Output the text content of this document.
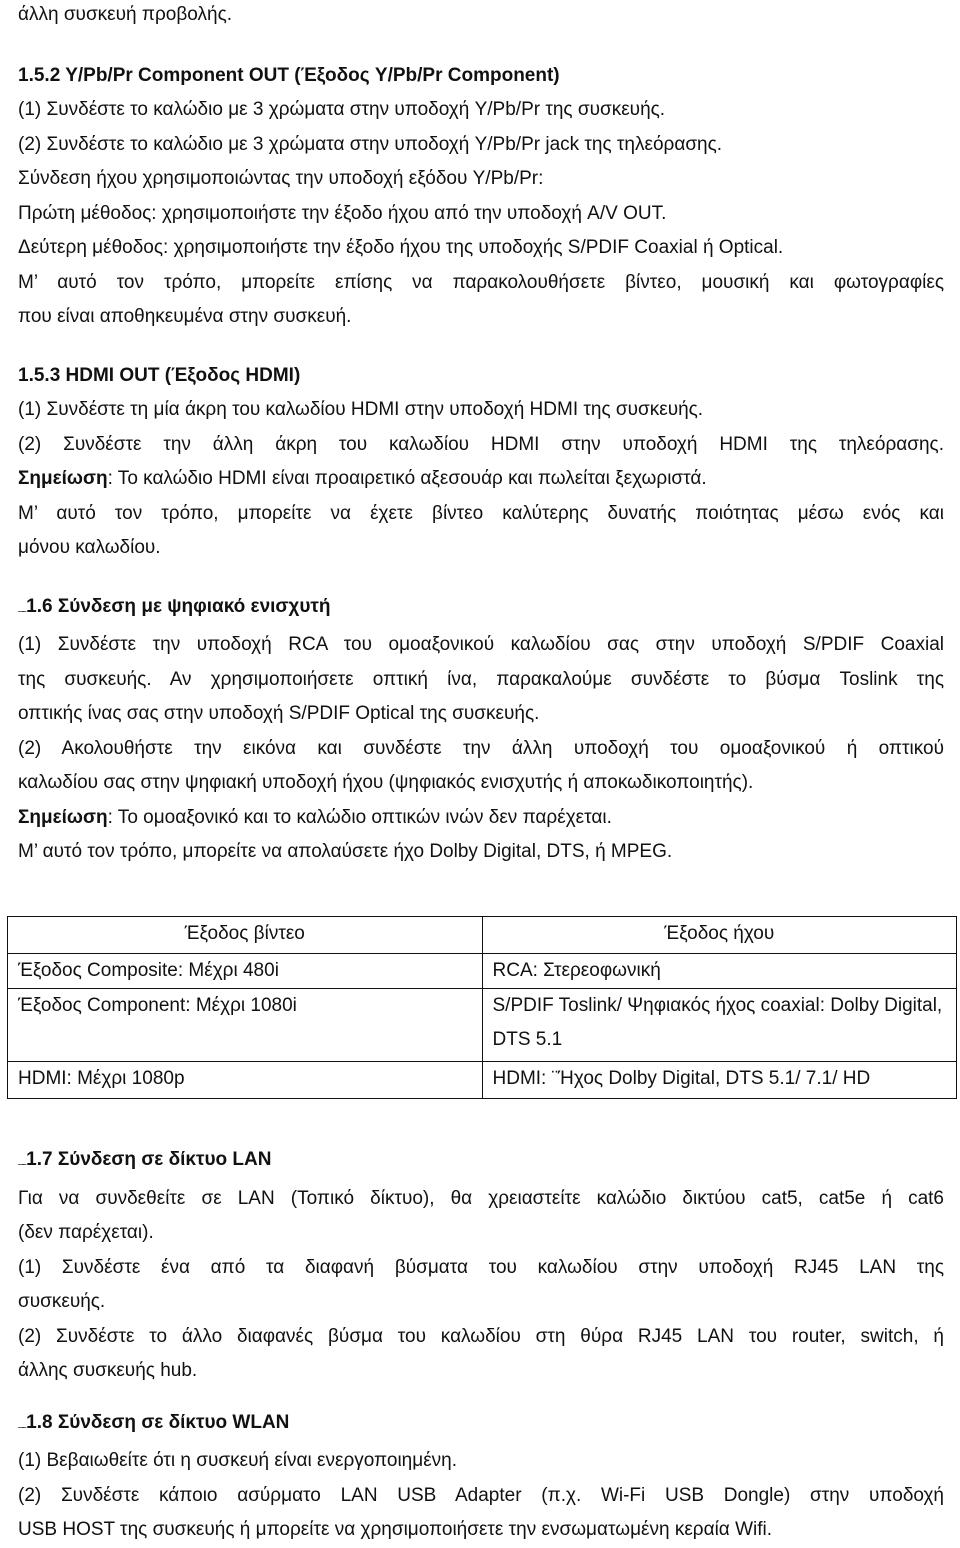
άλλη συσκευή προβολής.

1.5.2 Y/Pb/Pr Component OUT (Έξοδος Y/Pb/Pr Component)

(1) Συνδέστε το καλώδιο με 3 χρώματα στην υποδοχή Y/Pb/Pr της συσκευής.

(2) Συνδέστε το καλώδιο με 3 χρώματα στην υποδοχή Y/Pb/Pr jack της τηλεόρασης.

Σύνδεση ήχου χρησιμοποιώντας την υποδοχή εξόδου Y/Pb/Pr:

Πρώτη μέθοδος: χρησιμοποιήστε την έξοδο ήχου από την υποδοχή A/V OUT.

Δεύτερη μέθοδος: χρησιμοποιήστε την έξοδο ήχου της υποδοχής S/PDIF Coaxial ή Optical.

Μ’ αυτό τον τρόπο, μπορείτε επίσης να παρακολουθήσετε βίντεο, μουσική και φωτογραφίες

που είναι αποθηκευμένα στην συσκευή.

1.5.3 HDMI OUT (Έξοδος HDMI)

(1) Συνδέστε τη μία άκρη του καλωδίου HDMI στην υποδοχή HDMI της συσκευής.

(2) Συνδέστε την άλλη άκρη του καλωδίου HDMI στην υποδοχή HDMI της τηλεόρασης.

Σημείωση: Το καλώδιο HDMI είναι προαιρετικό αξεσουάρ και πωλείται ξεχωριστά.

Μ’ αυτό τον τρόπο, μπορείτε να έχετε βίντεο καλύτερης δυνατής ποιότητας μέσω ενός και

μόνου καλωδίου.

.......1.6 Σύνδεση με ψηφιακό ενισχυτή

(1) Συνδέστε την υποδοχή RCA του ομοαξονικού καλωδίου σας στην υποδοχή S/PDIF Coaxial

της συσκευής. Αν χρησιμοποιήσετε οπτική ίνα, παρακαλούμε συνδέστε το βύσμα Toslink της

οπτικής ίνας σας στην υποδοχή S/PDIF Optical της συσκευής.

(2) Ακολουθήστε την εικόνα και συνδέστε την άλλη υποδοχή του ομοαξονικού ή οπτικού

καλωδίου σας στην ψηφιακή υποδοχή ήχου (ψηφιακός ενισχυτής ή αποκωδικοποιητής).

Σημείωση: Το ομοαξονικό και το καλώδιο οπτικών ινών δεν παρέχεται.

Μ’ αυτό τον τρόπο, μπορείτε να απολαύσετε ήχο Dolby Digital, DTS, ή MPEG.

.......1.7 Σύνδεση σε δίκτυο LAN

Για να συνδεθείτε σε LAN (Τοπικό δίκτυο), θα χρειαστείτε καλώδιο δικτύου cat5, cat5e ή cat6

(δεν παρέχεται).

(1) Συνδέστε ένα από τα διαφανή βύσματα του καλωδίου στην υποδοχή RJ45 LAN της

συσκευής.

(2) Συνδέστε το άλλο διαφανές βύσμα του καλωδίου στη θύρα RJ45 LAN του router, switch, ή

άλλης συσκευής hub.

.......1.8 Σύνδεση σε δίκτυο WLAN

(1) Βεβαιωθείτε ότι η συσκευή είναι ενεργοποιημένη.

(2) Συνδέστε κάποιο ασύρματο LAN USB Adapter (π.χ. Wi-Fi USB Dongle) στην υποδοχή

USB HOST της συσκευής ή μπορείτε να χρησιμοποιήσετε την ενσωματωμένη κεραία Wifi.

Έξοδος βίντεο	Έξοδος ήχου
Έξοδος Composite: Μέχρι 480i	RCA: Στερεοφωνική
Έξοδος Component: Μέχρι 1080i	S/PDIF Toslink/ Ψηφιακός ήχος coaxial: Dolby Digital, DTS 5.1
HDMI: Μέχρι 1080p	HDMI: ¨Ήχος Dolby Digital, DTS 5.1/ 7.1/ HD
